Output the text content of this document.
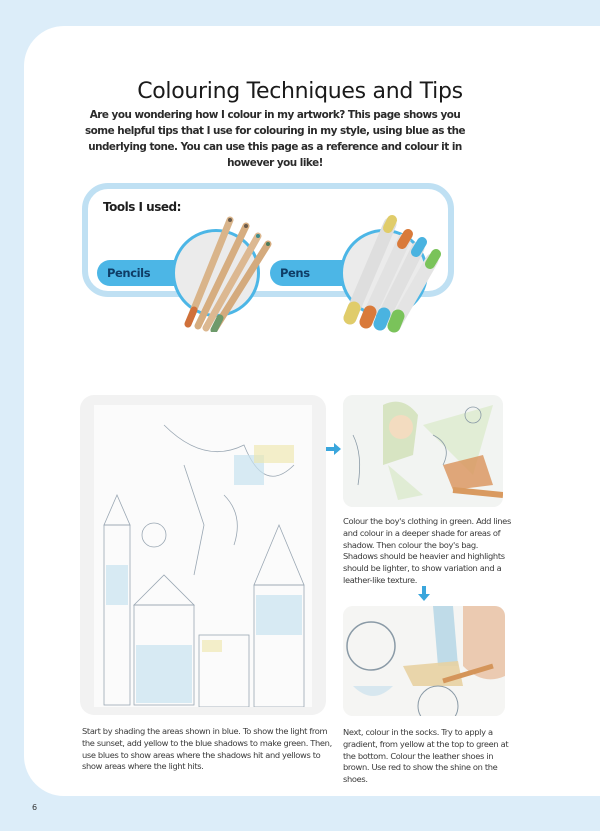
Colouring Techniques and Tips

Are you wondering how I colour in my artwork? This page shows you some helpful tips that I use for colouring in my style, using blue as the underlying tone. You can use this page as a reference and colour it in however you like!

Tools I used:
Pencils	Pens

Colour the boy's clothing in green. Add lines and colour in a deeper shade for areas of shadow. Then colour the boy's bag. Shadows should be heavier and highlights should be lighter, to show variation and a leather-like texture.

Next, colour in the socks. Try to apply a gradient, from yellow at the top to green at the bottom. Colour the leather shoes in brown. Use red to show the shine on the shoes.

Start by shading the areas shown in blue. To show the light from the sunset, add yellow to the blue shadows to make green. Then, use blues to show areas where the shadows hit and yellows to show areas where the light hits.

6
